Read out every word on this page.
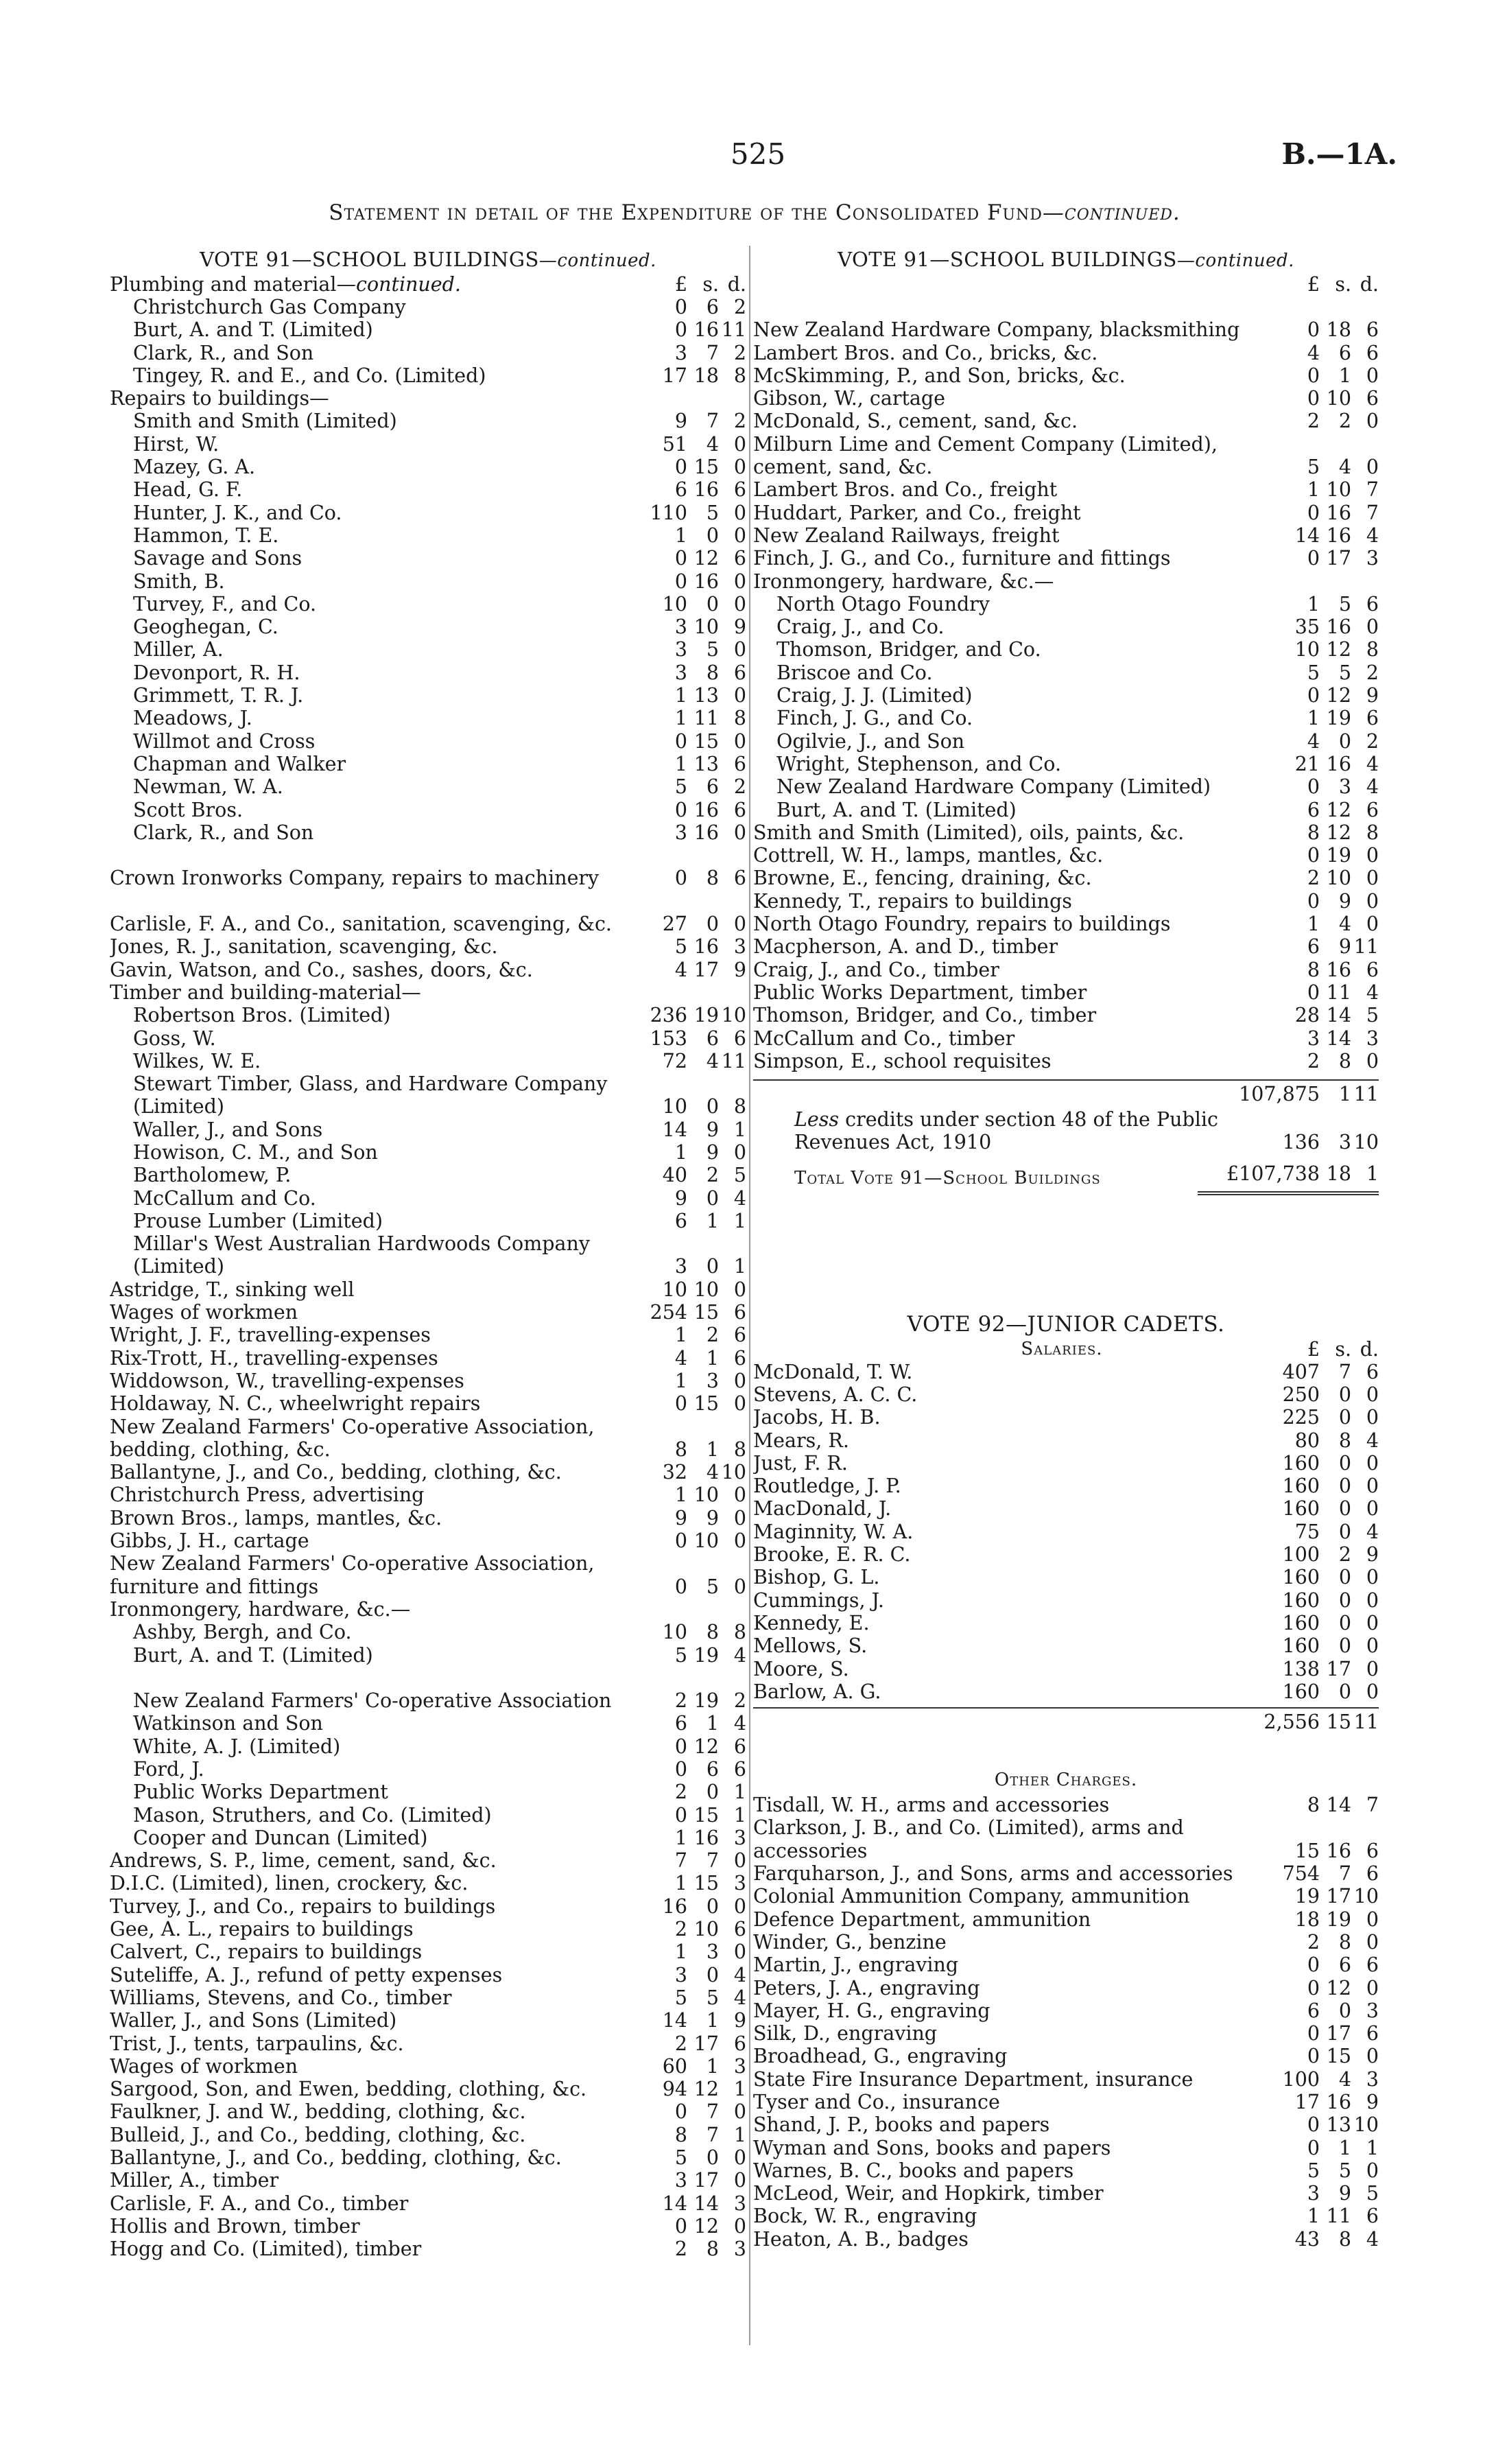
525	B.—1A.
Statement in detail of the Expenditure of the Consolidated Fund—continued.
VOTE 91—SCHOOL BUILDINGS—continued.
Plumbing and material—continued.	£ s. d.
Christchurch Gas Company	0 6 2
Burt, A. and T. (Limited)	0 16 11
Clark, R., and Son	3 7 2
Tingey, R. and E., and Co. (Limited)	17 18 8
Repairs to buildings—
Smith and Smith (Limited)	9 7 2
Hirst, W.	51 4 0
Mazey, G. A.	0 15 0
Head, G. F.	6 16 6
Hunter, J. K., and Co.	110 5 0
Hammon, T. E.	1 0 0
Savage and Sons	0 12 6
Smith, B.	0 16 0
Turvey, F., and Co.	10 0 0
Geoghegan, C.	3 10 9
Miller, A.	3 5 0
Devonport, R. H.	3 8 6
Grimmett, T. R. J.	1 13 0
Meadows, J.	1 11 8
Willmot and Cross	0 15 0
Chapman and Walker	1 13 6
Newman, W. A.	5 6 2
Scott Bros.	0 16 6
Clark, R., and Son	3 16 0
Crown Ironworks Company, repairs to machinery	0 8 6
Carlisle, F. A., and Co., sanitation, scavenging, &c.	27 0 0
Jones, R. J., sanitation, scavenging, &c.	5 16 3
Gavin, Watson, and Co., sashes, doors, &c.	4 17 9
Timber and building-material—
Robertson Bros. (Limited)	236 19 10
Goss, W.	153 6 6
Wilkes, W. E.	72 4 11
Stewart Timber, Glass, and Hardware Company (Limited)	10 0 8
Waller, J., and Sons	14 9 1
Howison, C. M., and Son	1 9 0
Bartholomew, P.	40 2 5
McCallum and Co.	9 0 4
Prouse Lumber (Limited)	6 1 1
Millar's West Australian Hardwoods Company (Limited)	3 0 1
Astridge, T., sinking well	10 10 0
Wages of workmen	254 15 6
Wright, J. F., travelling-expenses	1 2 6
Rix-Trott, H., travelling-expenses	4 1 6
Widdowson, W., travelling-expenses	1 3 0
Holdaway, N. C., wheelwright repairs	0 15 0
New Zealand Farmers' Co-operative Association, bedding, clothing, &c.	8 1 8
Ballantyne, J., and Co., bedding, clothing, &c.	32 4 10
Christchurch Press, advertising	1 10 0
Brown Bros., lamps, mantles, &c.	9 9 0
Gibbs, J. H., cartage	0 10 0
New Zealand Farmers' Co-operative Association, furniture and fittings	0 5 0
Ironmongery, hardware, &c.—
Ashby, Bergh, and Co.	10 8 8
Burt, A. and T. (Limited)	5 19 4
New Zealand Farmers' Co-operative Association	2 19 2
Watkinson and Son	6 1 4
White, A. J. (Limited)	0 12 6
Ford, J.	0 6 6
Public Works Department	2 0 1
Mason, Struthers, and Co. (Limited)	0 15 1
Cooper and Duncan (Limited)	1 16 3
Andrews, S. P., lime, cement, sand, &c.	7 7 0
D.I.C. (Limited), linen, crockery, &c.	1 15 3
Turvey, J., and Co., repairs to buildings	16 0 0
Gee, A. L., repairs to buildings	2 10 6
Calvert, C., repairs to buildings	1 3 0
Suteliffe, A. J., refund of petty expenses	3 0 4
Williams, Stevens, and Co., timber	5 5 4
Waller, J., and Sons (Limited)	14 1 9
Trist, J., tents, tarpaulins, &c.	2 17 6
Wages of workmen	60 1 3
Sargood, Son, and Ewen, bedding, clothing, &c.	94 12 1
Faulkner, J. and W., bedding, clothing, &c.	0 7 0
Bulleid, J., and Co., bedding, clothing, &c.	8 7 1
Ballantyne, J., and Co., bedding, clothing, &c.	5 0 0
Miller, A., timber	3 17 0
Carlisle, F. A., and Co., timber	14 14 3
Hollis and Brown, timber	0 12 0
Hogg and Co. (Limited), timber	2 8 3
VOTE 91—SCHOOL BUILDINGS—continued.
£ s. d.
New Zealand Hardware Company, blacksmithing	0 18 6
Lambert Bros. and Co., bricks, &c.	4 6 6
McSkimming, P., and Son, bricks, &c.	0 1 0
Gibson, W., cartage	0 10 6
McDonald, S., cement, sand, &c.	2 2 0
Milburn Lime and Cement Company (Limited), cement, sand, &c.	5 4 0
Lambert Bros. and Co., freight	1 10 7
Huddart, Parker, and Co., freight	0 16 7
New Zealand Railways, freight	14 16 4
Finch, J. G., and Co., furniture and fittings	0 17 3
Ironmongery, hardware, &c.—
North Otago Foundry	1 5 6
Craig, J., and Co.	35 16 0
Thomson, Bridger, and Co.	10 12 8
Briscoe and Co.	5 5 2
Craig, J. J. (Limited)	0 12 9
Finch, J. G., and Co.	1 19 6
Ogilvie, J., and Son	4 0 2
Wright, Stephenson, and Co.	21 16 4
New Zealand Hardware Company (Limited)	0 3 4
Burt, A. and T. (Limited)	6 12 6
Smith and Smith (Limited), oils, paints, &c.	8 12 8
Cottrell, W. H., lamps, mantles, &c.	0 19 0
Browne, E., fencing, draining, &c.	2 10 0
Kennedy, T., repairs to buildings	0 9 0
North Otago Foundry, repairs to buildings	1 4 0
Macpherson, A. and D., timber	6 9 11
Craig, J., and Co., timber	8 16 6
Public Works Department, timber	0 11 4
Thomson, Bridger, and Co., timber	28 14 5
McCallum and Co., timber	3 14 3
Simpson, E., school requisites	2 8 0
107,875 1 11
Less credits under section 48 of the Public Revenues Act, 1910	136 3 10
Total Vote 91—School Buildings	£107,738 18 1
VOTE 92—JUNIOR CADETS.
Salaries.	£ s. d.
McDonald, T. W.	407 7 6
Stevens, A. C. C.	250 0 0
Jacobs, H. B.	225 0 0
Mears, R.	80 8 4
Just, F. R.	160 0 0
Routledge, J. P.	160 0 0
MacDonald, J.	160 0 0
Maginnity, W. A.	75 0 4
Brooke, E. R. C.	100 2 9
Bishop, G. L.	160 0 0
Cummings, J.	160 0 0
Kennedy, E.	160 0 0
Mellows, S.	160 0 0
Moore, S.	138 17 0
Barlow, A. G.	160 0 0
2,556 15 11
Other Charges.
Tisdall, W. H., arms and accessories	8 14 7
Clarkson, J. B., and Co. (Limited), arms and accessories	15 16 6
Farquharson, J., and Sons, arms and accessories	754 7 6
Colonial Ammunition Company, ammunition	19 17 10
Defence Department, ammunition	18 19 0
Winder, G., benzine	2 8 0
Martin, J., engraving	0 6 6
Peters, J. A., engraving	0 12 0
Mayer, H. G., engraving	6 0 3
Silk, D., engraving	0 17 6
Broadhead, G., engraving	0 15 0
State Fire Insurance Department, insurance	100 4 3
Tyser and Co., insurance	17 16 9
Shand, J. P., books and papers	0 13 10
Wyman and Sons, books and papers	0 1 1
Warnes, B. C., books and papers	5 5 0
McLeod, Weir, and Hopkirk, timber	3 9 5
Bock, W. R., engraving	1 11 6
Heaton, A. B., badges	43 8 4
